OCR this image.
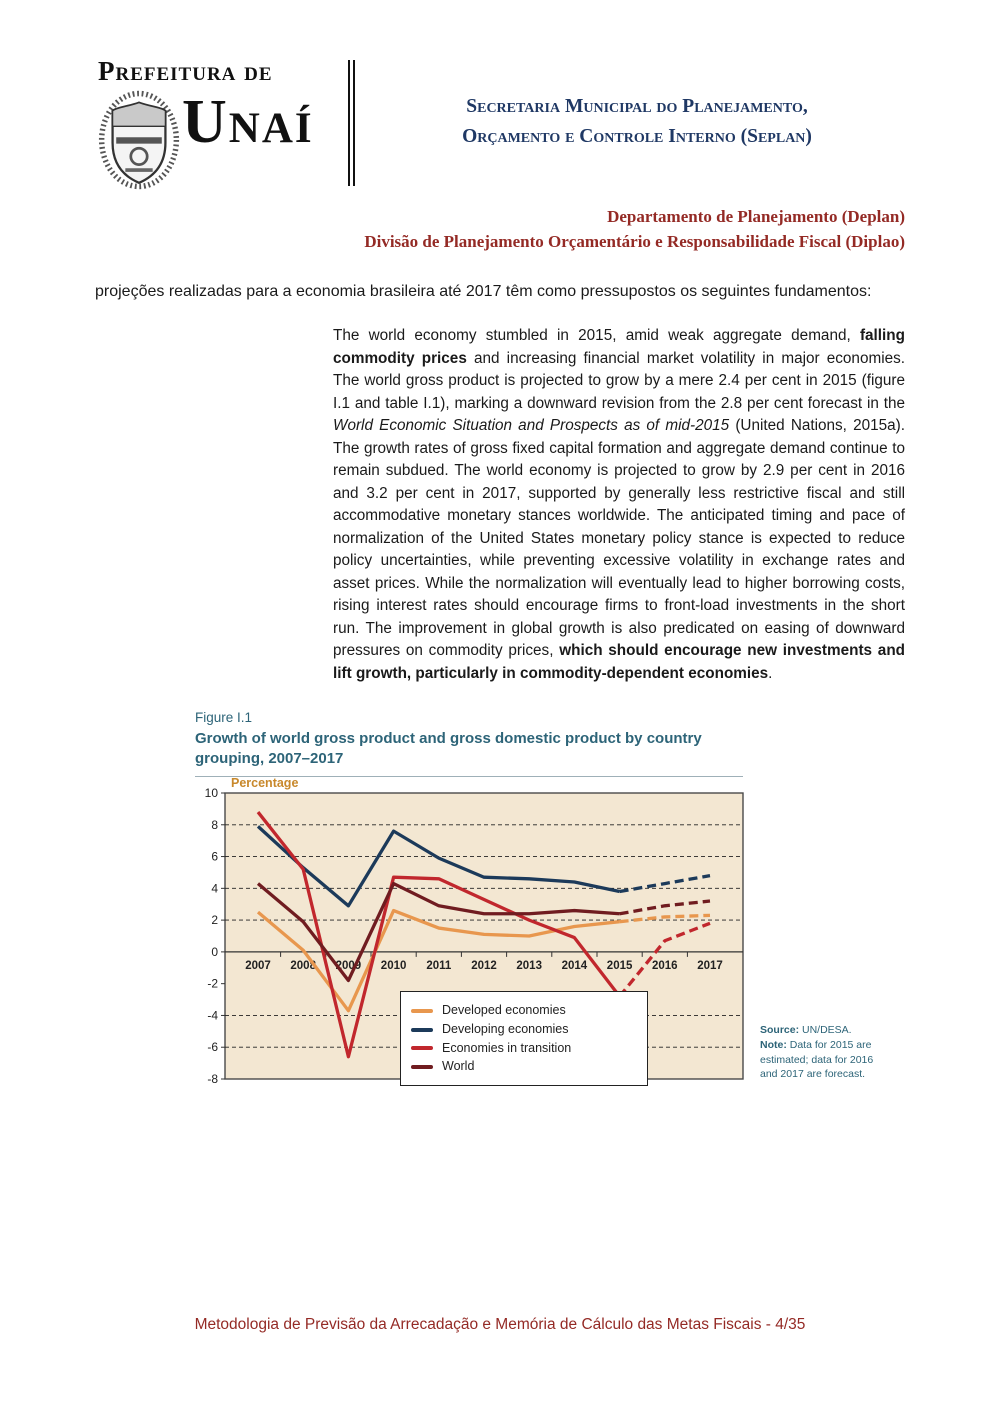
Prefeitura de
Unaí	Secretaria Municipal do Planejamento,
Orçamento e Controle Interno (Seplan)
Departamento de Planejamento (Deplan)
Divisão de Planejamento Orçamentário e Responsabilidade Fiscal (Diplao)

projeções realizadas para a economia brasileira até 2017 têm como pressupostos os seguintes fundamentos:

The world economy stumbled in 2015, amid weak aggregate demand, falling commodity prices and increasing financial market volatility in major economies. The world gross product is projected to grow by a mere 2.4 per cent in 2015 (figure I.1 and table I.1), marking a downward revision from the 2.8 per cent forecast in the World Economic Situation and Prospects as of mid-2015 (United Nations, 2015a). The growth rates of gross fixed capital formation and aggregate demand continue to remain subdued. The world economy is projected to grow by 2.9 per cent in 2016 and 3.2 per cent in 2017, supported by generally less restrictive fiscal and still accommodative monetary stances worldwide. The anticipated timing and pace of normalization of the United States monetary policy stance is expected to reduce policy uncertainties, while preventing excessive volatility in exchange rates and asset prices. While the normalization will eventually lead to higher borrowing costs, rising interest rates should encourage firms to front-load investments in the short run. The improvement in global growth is also predicated on easing of downward pressures on commodity prices, which should encourage new investments and lift growth, particularly in commodity-dependent economies.

Figure I.1
Growth of world gross product and gross domestic product by country grouping, 2007–2017
Percentage
10
8
6
4
2
0
-2
-4
-6
-8
2007 2008 2009 2010 2011 2012 2013 2014 2015 2016 2017
Developed economies
Developing economies
Economies in transition
World

Source: UN/DESA.

Note: Data for 2015 are estimated; data for 2016 and 2017 are forecast.

Metodologia de Previsão da Arrecadação e Memória de Cálculo das Metas Fiscais - 4/35
